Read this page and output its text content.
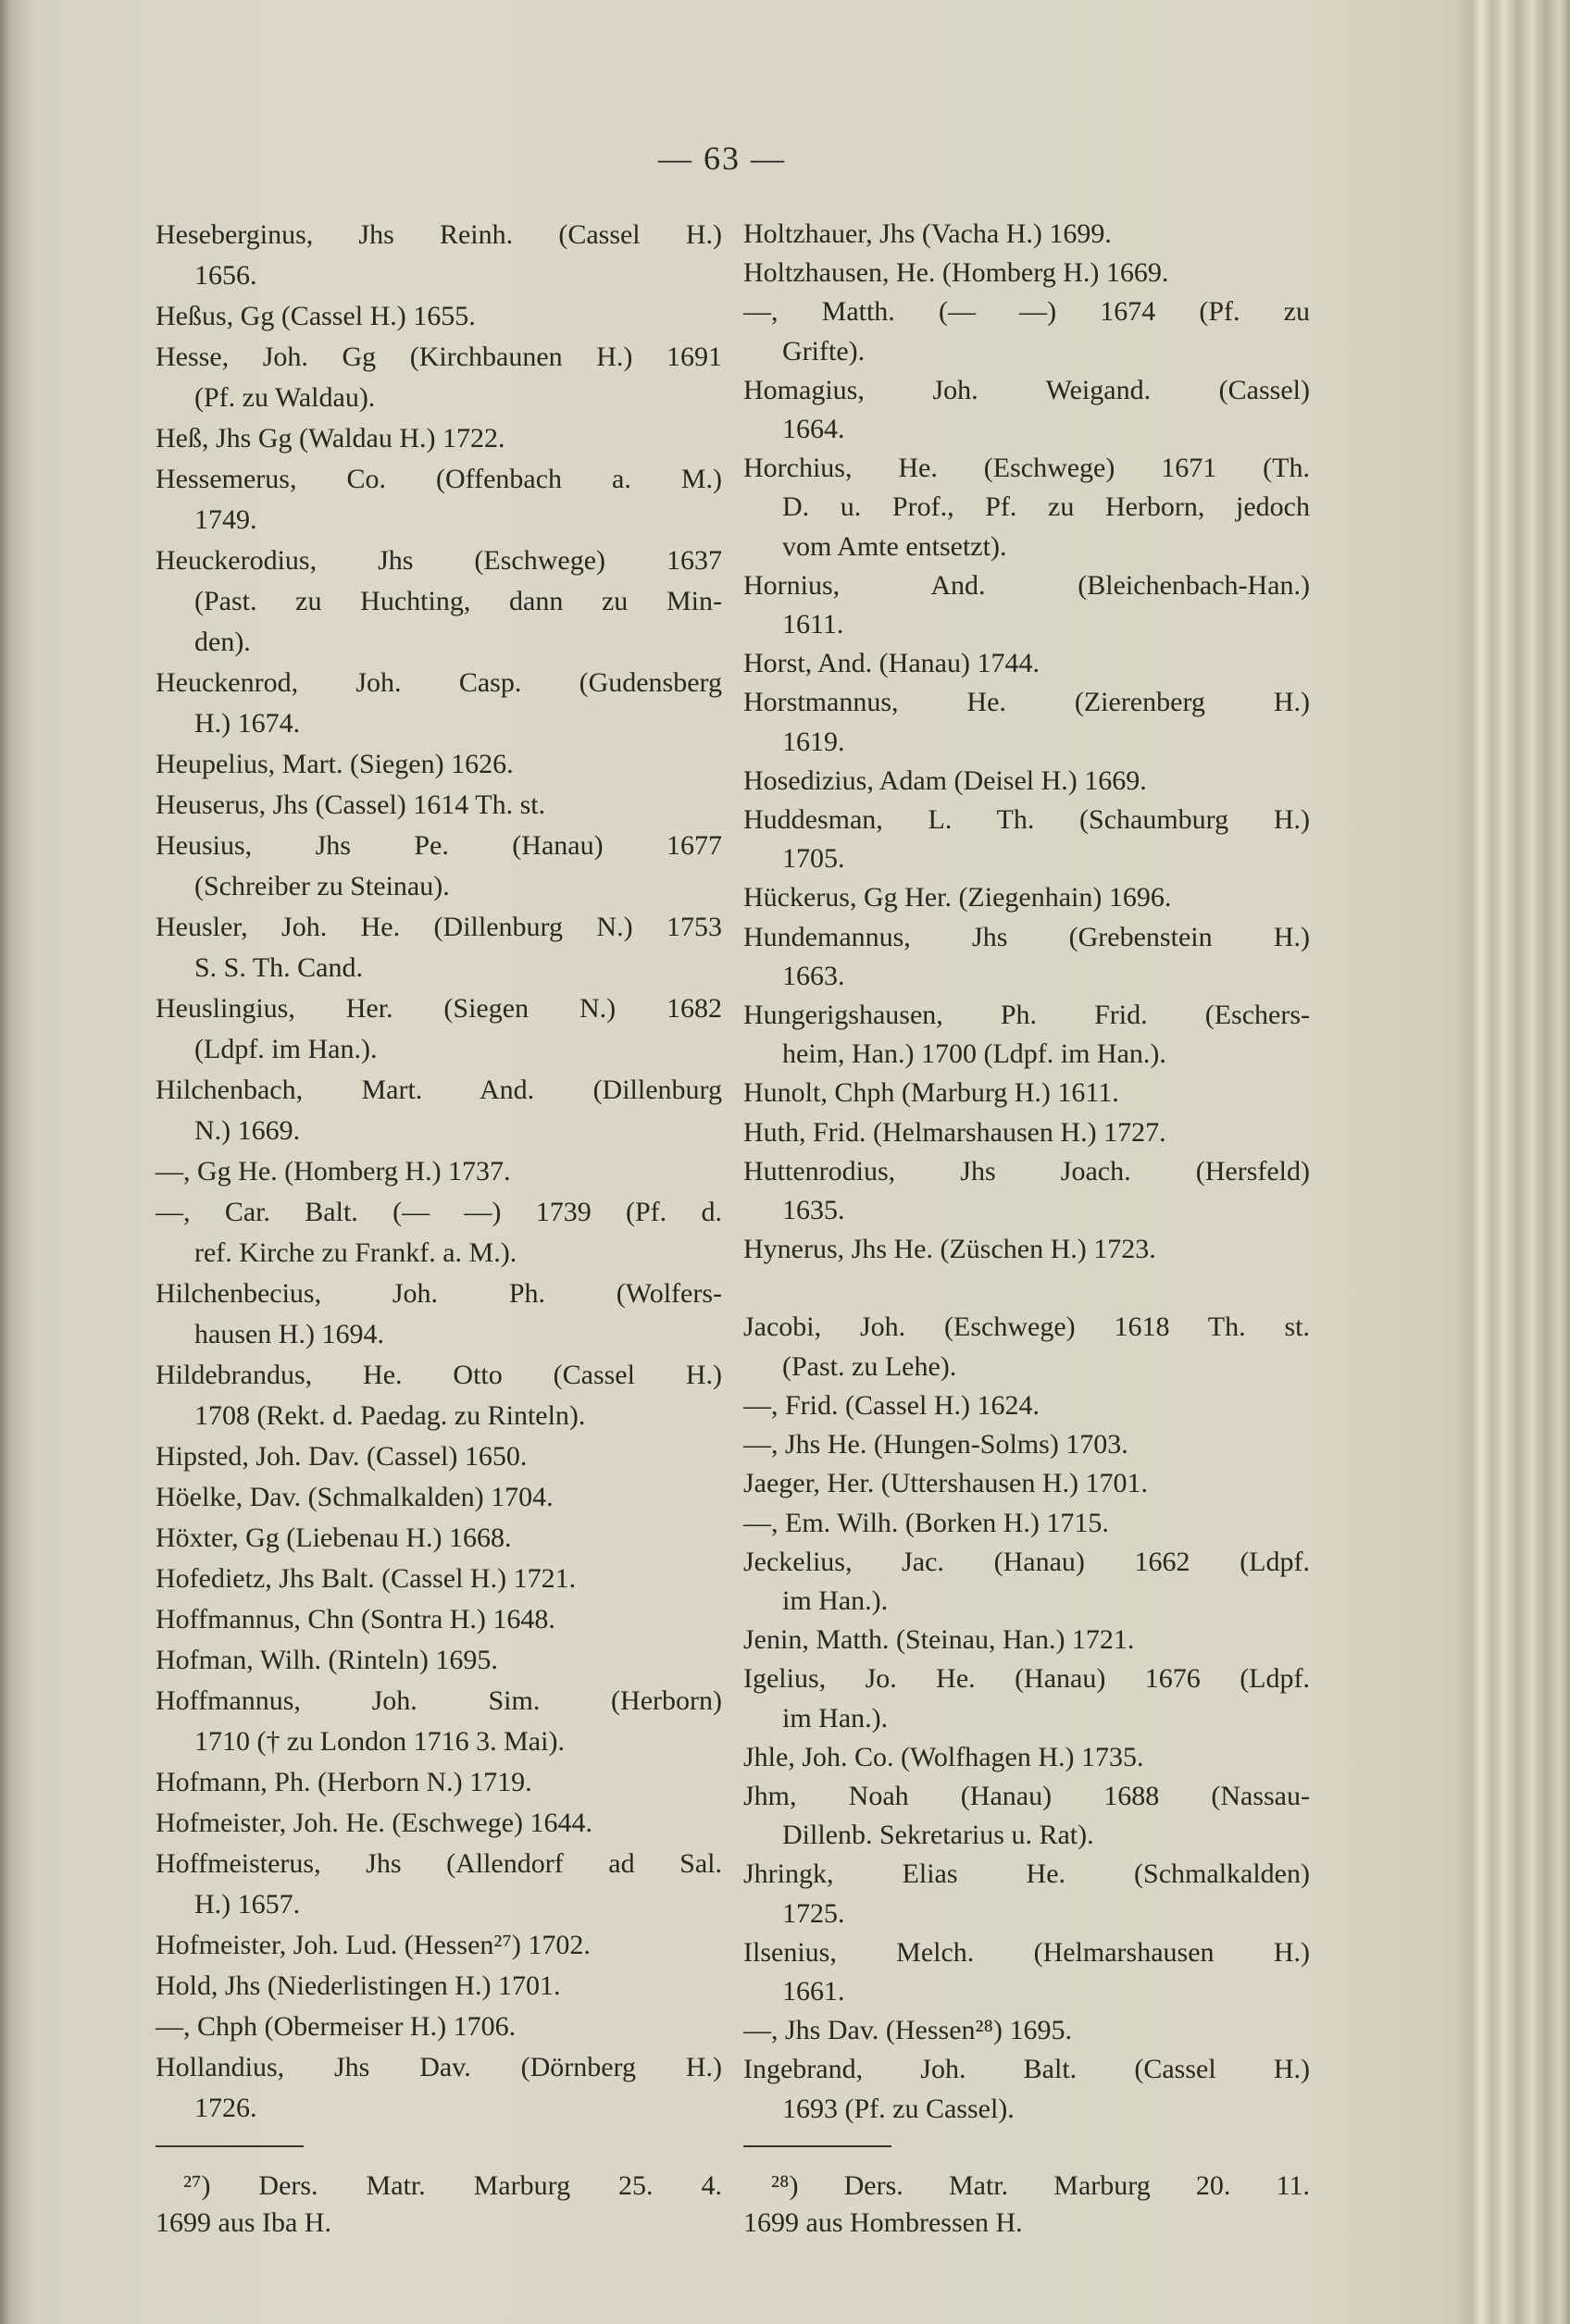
— 63 —
Heseberginus, Jhs Reinh. (Cassel H.)
1656.
Heßus, Gg (Cassel H.) 1655.
Hesse, Joh. Gg (Kirchbaunen H.) 1691
(Pf. zu Waldau).
Heß, Jhs Gg (Waldau H.) 1722.
Hessemerus, Co. (Offenbach a. M.)
1749.
Heuckerodius, Jhs (Eschwege) 1637
(Past. zu Huchting, dann zu Min-
den).
Heuckenrod, Joh. Casp. (Gudensberg
H.) 1674.
Heupelius, Mart. (Siegen) 1626.
Heuserus, Jhs (Cassel) 1614 Th. st.
Heusius, Jhs Pe. (Hanau) 1677
(Schreiber zu Steinau).
Heusler, Joh. He. (Dillenburg N.) 1753
S. S. Th. Cand.
Heuslingius, Her. (Siegen N.) 1682
(Ldpf. im Han.).
Hilchenbach, Mart. And. (Dillenburg
N.) 1669.
—, Gg He. (Homberg H.) 1737.
—, Car. Balt. (— —) 1739 (Pf. d.
ref. Kirche zu Frankf. a. M.).
Hilchenbecius, Joh. Ph. (Wolfers-
hausen H.) 1694.
Hildebrandus, He. Otto (Cassel H.)
1708 (Rekt. d. Paedag. zu Rinteln).
Hipsted, Joh. Dav. (Cassel) 1650.
Höelke, Dav. (Schmalkalden) 1704.
Höxter, Gg (Liebenau H.) 1668.
Hofedietz, Jhs Balt. (Cassel H.) 1721.
Hoffmannus, Chn (Sontra H.) 1648.
Hofman, Wilh. (Rinteln) 1695.
Hoffmannus, Joh. Sim. (Herborn)
1710 († zu London 1716 3. Mai).
Hofmann, Ph. (Herborn N.) 1719.
Hofmeister, Joh. He. (Eschwege) 1644.
Hoffmeisterus, Jhs (Allendorf ad Sal.
H.) 1657.
Hofmeister, Joh. Lud. (Hessen²⁷) 1702.
Hold, Jhs (Niederlistingen H.) 1701.
—, Chph (Obermeiser H.) 1706.
Hollandius, Jhs Dav. (Dörnberg H.)
1726.
Holtzhauer, Jhs (Vacha H.) 1699.
Holtzhausen, He. (Homberg H.) 1669.
—, Matth. (— —) 1674 (Pf. zu
Grifte).
Homagius, Joh. Weigand. (Cassel)
1664.
Horchius, He. (Eschwege) 1671 (Th.
D. u. Prof., Pf. zu Herborn, jedoch
vom Amte entsetzt).
Hornius, And. (Bleichenbach-Han.)
1611.
Horst, And. (Hanau) 1744.
Horstmannus, He. (Zierenberg H.)
1619.
Hosedizius, Adam (Deisel H.) 1669.
Huddesman, L. Th. (Schaumburg H.)
1705.
Hückerus, Gg Her. (Ziegenhain) 1696.
Hundemannus, Jhs (Grebenstein H.)
1663.
Hungerigshausen, Ph. Frid. (Eschers-
heim, Han.) 1700 (Ldpf. im Han.).
Hunolt, Chph (Marburg H.) 1611.
Huth, Frid. (Helmarshausen H.) 1727.
Huttenrodius, Jhs Joach. (Hersfeld)
1635.
Hynerus, Jhs He. (Züschen H.) 1723.
Jacobi, Joh. (Eschwege) 1618 Th. st.
(Past. zu Lehe).
—, Frid. (Cassel H.) 1624.
—, Jhs He. (Hungen-Solms) 1703.
Jaeger, Her. (Uttershausen H.) 1701.
—, Em. Wilh. (Borken H.) 1715.
Jeckelius, Jac. (Hanau) 1662 (Ldpf.
im Han.).
Jenin, Matth. (Steinau, Han.) 1721.
Igelius, Jo. He. (Hanau) 1676 (Ldpf.
im Han.).
Jhle, Joh. Co. (Wolfhagen H.) 1735.
Jhm, Noah (Hanau) 1688 (Nassau-
Dillenb. Sekretarius u. Rat).
Jhringk, Elias He. (Schmalkalden)
1725.
Ilsenius, Melch. (Helmarshausen H.)
1661.
—, Jhs Dav. (Hessen²⁸) 1695.
Ingebrand, Joh. Balt. (Cassel H.)
1693 (Pf. zu Cassel).
²⁷) Ders. Matr. Marburg 25. 4.
1699 aus Iba H.
²⁸) Ders. Matr. Marburg 20. 11.
1699 aus Hombressen H.
